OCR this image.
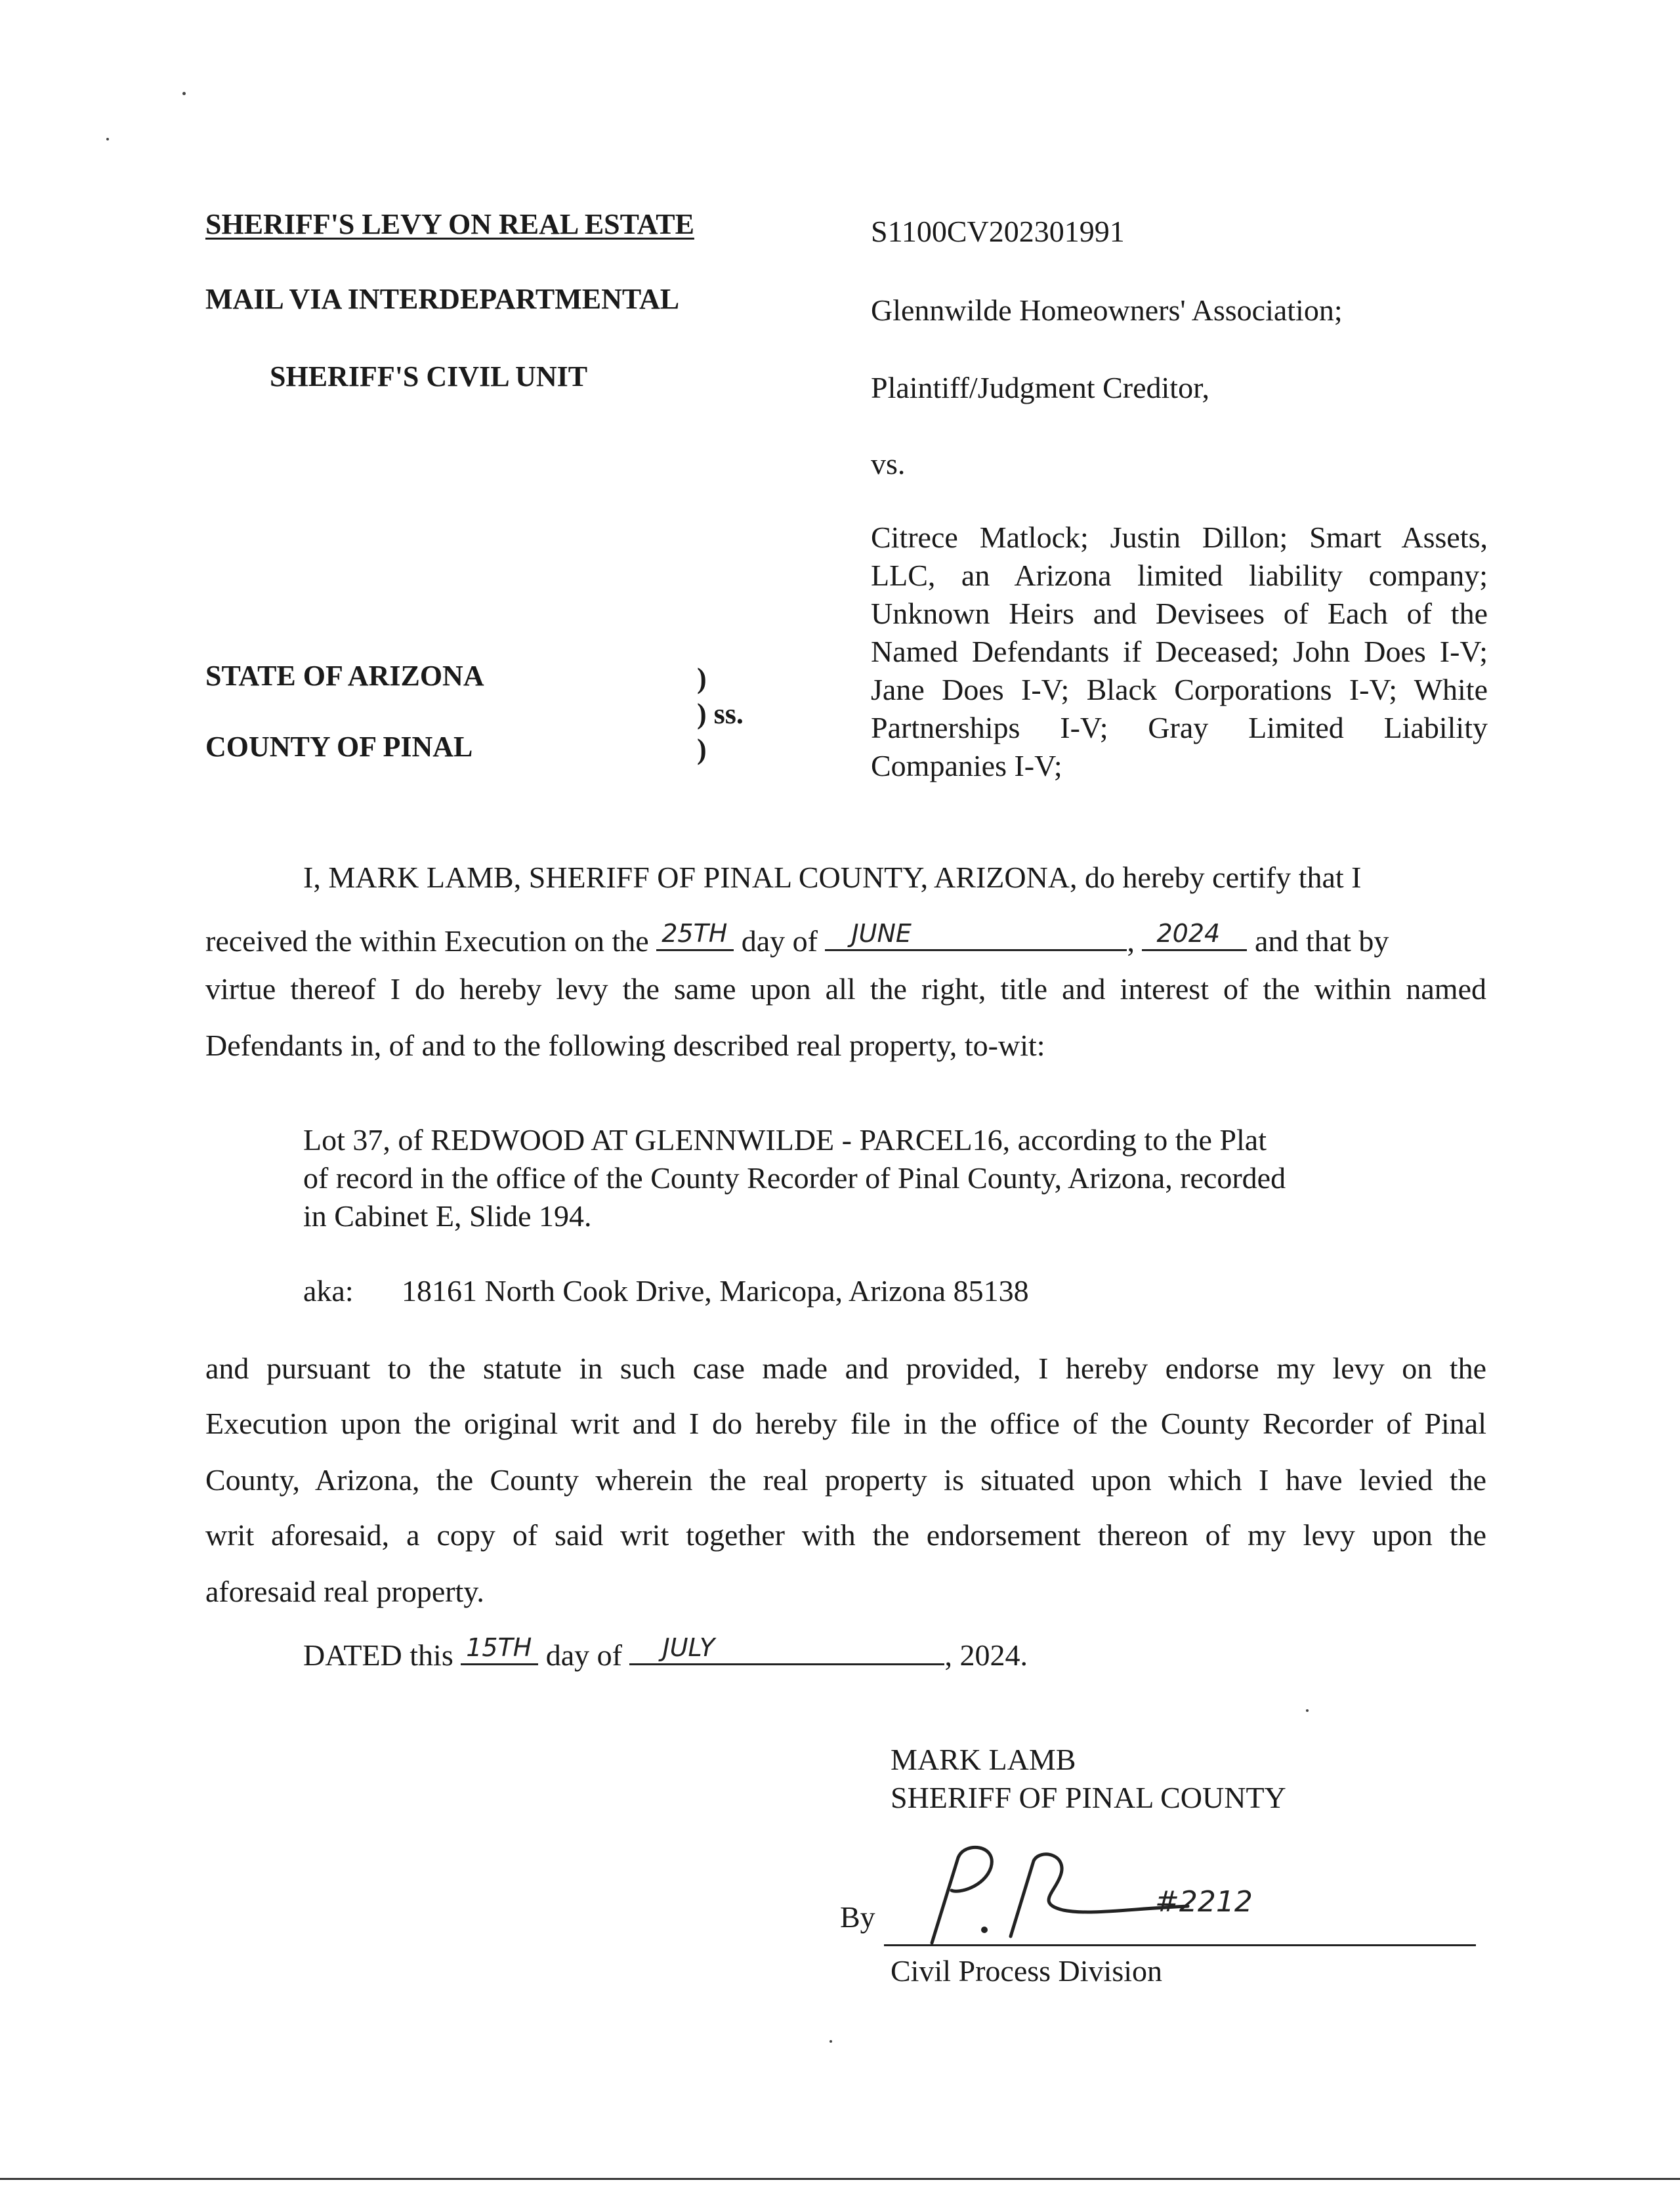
SHERIFF'S LEVY ON REAL ESTATE
MAIL VIA INTERDEPARTMENTAL
SHERIFF'S CIVIL UNIT
S1100CV202301991
Glennwilde Homeowners' Association;
Plaintiff/Judgment Creditor,
vs.
Citrece Matlock; Justin Dillon; Smart Assets, LLC, an Arizona limited liability company; Unknown Heirs and Devisees of Each of the Named Defendants if Deceased; John Does I-V; Jane Does I-V; Black Corporations I-V; White Partnerships I-V; Gray Limited Liability Companies I-V;
STATE OF ARIZONA
COUNTY OF PINAL
)
) ss.
)
I, MARK LAMB, SHERIFF OF PINAL COUNTY, ARIZONA, do hereby certify that I
received the within Execution on the 25TH day of JUNE	, 2024 and that by
virtue thereof I do hereby levy the same upon all the right, title and interest of the within named
Defendants in, of and to the following described real property, to-wit:
Lot 37, of REDWOOD AT GLENNWILDE - PARCEL16, according to the Plat
of record in the office of the County Recorder of Pinal County, Arizona, recorded
in Cabinet E, Slide 194.
aka: 18161 North Cook Drive, Maricopa, Arizona 85138
and pursuant to the statute in such case made and provided, I hereby endorse my levy on the
Execution upon the original writ and I do hereby file in the office of the County Recorder of Pinal
County, Arizona, the County wherein the real property is situated upon which I have levied the
writ aforesaid, a copy of said writ together with the endorsement thereon of my levy upon the
aforesaid real property.
DATED this 15TH day of JULY	, 2024.
MARK LAMB
SHERIFF OF PINAL COUNTY
By	#2212
Civil Process Division
